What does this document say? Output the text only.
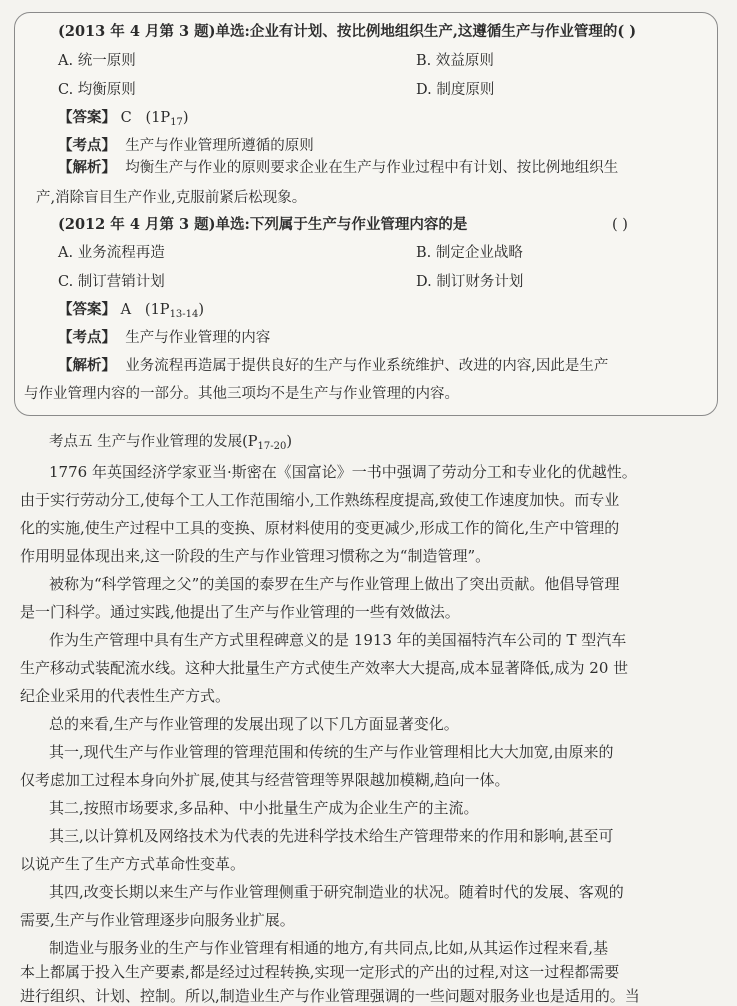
(2013 年 4 月第 3 题)单选:企业有计划、按比例地组织生产,这遵循生产与作业管理的( )
A. 统一原则	B. 效益原则
C. 均衡原则	D. 制度原则
【答案】 C $(1P_{17})$
【考点】 生产与作业管理所遵循的原则
【解析】 均衡生产与作业的原则要求企业在生产与作业过程中有计划、按比例地组织生
产,消除盲目生产作业,克服前紧后松现象。
(2012 年 4 月第 3 题)单选:下列属于生产与作业管理内容的是	( )
A. 业务流程再造	B. 制定企业战略
C. 制订营销计划	D. 制订财务计划
【答案】 A $(1P_{13-14})$
【考点】 生产与作业管理的内容
【解析】 业务流程再造属于提供良好的生产与作业系统维护、改进的内容,因此是生产
与作业管理内容的一部分。其他三项均不是生产与作业管理的内容。
考点五 生产与作业管理的发展$(P_{17-20})$
1776 年英国经济学家亚当·斯密在《国富论》一书中强调了劳动分工和专业化的优越性。
由于实行劳动分工,使每个工人工作范围缩小,工作熟练程度提高,致使工作速度加快。而专业
化的实施,使生产过程中工具的变换、原材料使用的变更减少,形成工作的简化,生产中管理的
作用明显体现出来,这一阶段的生产与作业管理习惯称之为“制造管理”。
被称为“科学管理之父”的美国的泰罗在生产与作业管理上做出了突出贡献。他倡导管理
是一门科学。通过实践,他提出了生产与作业管理的一些有效做法。
作为生产管理中具有生产方式里程碑意义的是 1913 年的美国福特汽车公司的 T 型汽车
生产移动式装配流水线。这种大批量生产方式使生产效率大大提高,成本显著降低,成为 20 世
纪企业采用的代表性生产方式。
总的来看,生产与作业管理的发展出现了以下几方面显著变化。
其一,现代生产与作业管理的管理范围和传统的生产与作业管理相比大大加宽,由原来的
仅考虑加工过程本身向外扩展,使其与经营管理等界限越加模糊,趋向一体。
其二,按照市场要求,多品种、中小批量生产成为企业生产的主流。
其三,以计算机及网络技术为代表的先进科学技术给生产管理带来的作用和影响,甚至可
以说产生了生产方式革命性变革。
其四,改变长期以来生产与作业管理侧重于研究制造业的状况。随着时代的发展、客观的
需要,生产与作业管理逐步向服务业扩展。
制造业与服务业的生产与作业管理有相通的地方,有共同点,比如,从其运作过程来看,基
本上都属于投入生产要素,都是经过过程转换,实现一定形式的产出的过程,对这一过程都需要
进行组织、计划、控制。所以,制造业生产与作业管理强调的一些问题对服务业也是适用的。当
